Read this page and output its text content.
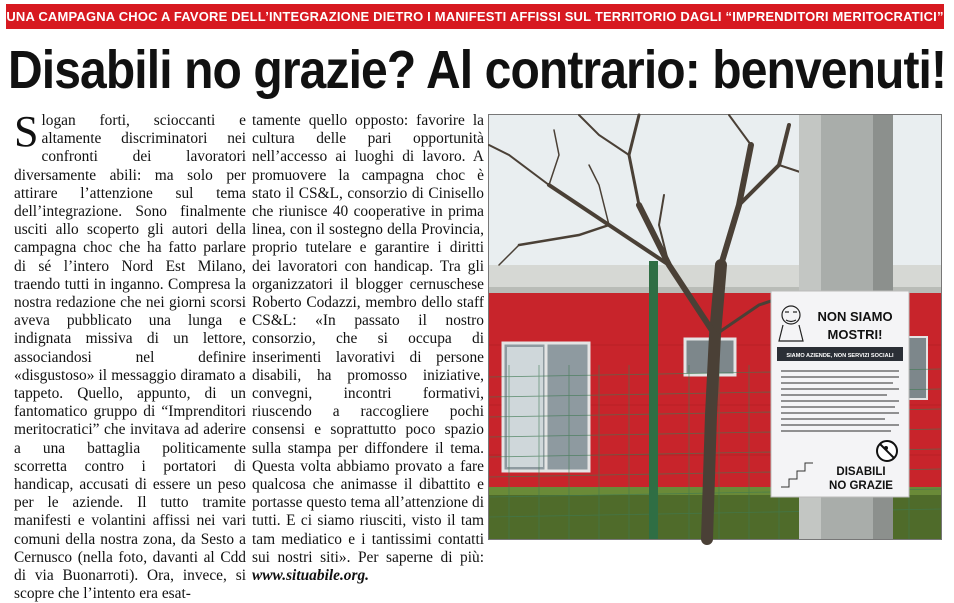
UNA CAMPAGNA CHOC A FAVORE DELL’INTEGRAZIONE DIETRO I MANIFESTI AFFISSI SUL TERRITORIO DAGLI “IMPRENDITORI MERITOCRATICI”
Disabili no grazie? Al contrario: benvenuti!

Slogan forti, scioccanti e altamente discriminatori nei confronti dei lavoratori diversamente abili: ma solo per attirare l’attenzione sul tema dell’integrazione. Sono finalmente usciti allo scoperto gli autori della campagna choc che ha fatto parlare di sé l’intero Nord Est Milano, traendo tutti in inganno. Compresa la nostra redazione che nei giorni scorsi aveva pubblicato una lunga e indignata missiva di un lettore, associandosi nel definire «disgustoso» il messaggio diramato a tappeto. Quello, appunto, di un fantomatico gruppo di “Imprenditori meritocratici” che invitava ad aderire a una battaglia politicamente scorretta contro i portatori di handicap, accusati di essere un peso per le aziende. Il tutto tramite manifesti e volantini affissi nei vari comuni della nostra zona, da Sesto a Cernusco (nella foto, davanti al Cdd di via Buonarroti). Ora, invece, si scopre che l’intento era esat-

tamente quello opposto: favorire la cultura delle pari opportunità nell’accesso ai luoghi di lavoro. A promuovere la campagna choc è stato il CS&L, consorzio di Cinisello che riunisce 40 cooperative in prima linea, con il sostegno della Provincia, proprio tutelare e garantire i diritti dei lavoratori con handicap. Tra gli organizzatori il blogger cernuschese Roberto Codazzi, membro dello staff CS&L: «In passato il nostro consorzio, che si occupa di inserimenti lavorativi di persone disabili, ha promosso iniziative, convegni, incontri formativi, riuscendo a raccogliere pochi consensi e soprattutto poco spazio sulla stampa per diffondere il tema. Questa volta abbiamo provato a fare qualcosa che animasse il dibattito e portasse questo tema all’attenzione di tutti. E ci siamo riusciti, visto il tam tam mediatico e i tantissimi contatti sui nostri siti». Per saperne di più: www.situabile.org.

NON SIAMO
MOSTRI!
SIAMO AZIENDE, NON SERVIZI SOCIALI
DISABILI
NO GRAZIE
